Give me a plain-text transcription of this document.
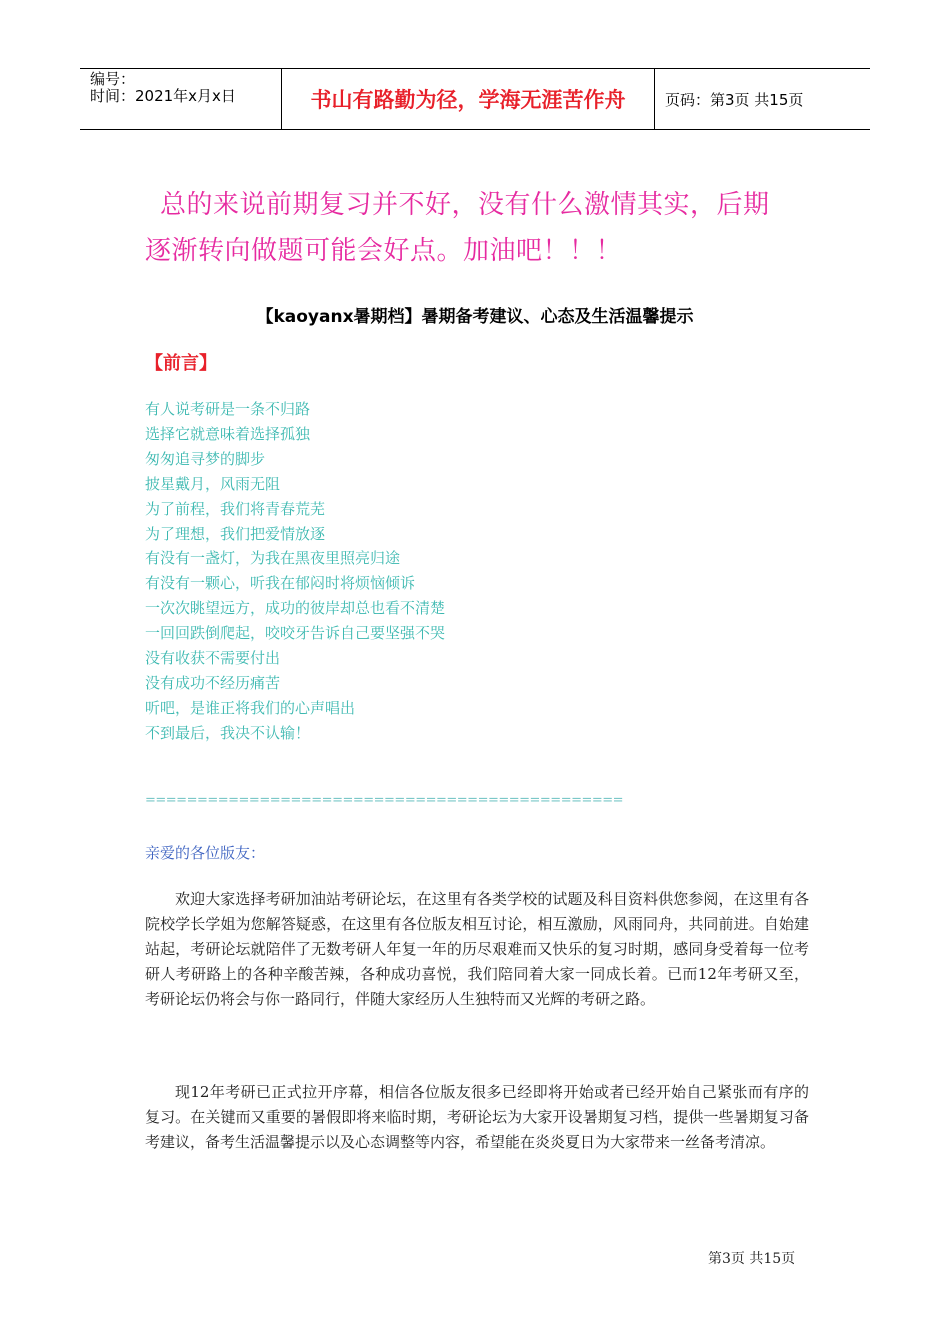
编号：
时间：2021年x月x日	书山有路勤为径，学海无涯苦作舟	页码：第3页 共15页
总的来说前期复习并不好，没有什么激情其实，后期
逐渐转向做题可能会好点。加油吧！！！
【kaoyanx暑期档】暑期备考建议、心态及生活温馨提示
【前言】
有人说考研是一条不归路
选择它就意味着选择孤独
匆匆追寻梦的脚步
披星戴月，风雨无阻
为了前程，我们将青春荒芜
为了理想，我们把爱情放逐
有没有一盏灯，为我在黑夜里照亮归途
有没有一颗心，听我在郁闷时将烦恼倾诉
一次次眺望远方，成功的彼岸却总也看不清楚
一回回跌倒爬起，咬咬牙告诉自己要坚强不哭
没有收获不需要付出
没有成功不经历痛苦
听吧，是谁正将我们的心声唱出
不到最后，我决不认输！
==============================================
亲爱的各位版友：
欢迎大家选择考研加油站考研论坛，在这里有各类学校的试题及科目资料供您参阅，在这里有各院校学长学姐为您解答疑惑，在这里有各位版友相互讨论，相互激励，风雨同舟，共同前进。自始建站起，考研论坛就陪伴了无数考研人年复一年的历尽艰难而又快乐的复习时期，感同身受着每一位考研人考研路上的各种辛酸苦辣，各种成功喜悦，我们陪同着大家一同成长着。已而12年考研又至，考研论坛仍将会与你一路同行，伴随大家经历人生独特而又光辉的考研之路。
现12年考研已正式拉开序幕，相信各位版友很多已经即将开始或者已经开始自己紧张而有序的复习。在关键而又重要的暑假即将来临时期，考研论坛为大家开设暑期复习档，提供一些暑期复习备考建议，备考生活温馨提示以及心态调整等内容，希望能在炎炎夏日为大家带来一丝备考清凉。
第3页 共15页
